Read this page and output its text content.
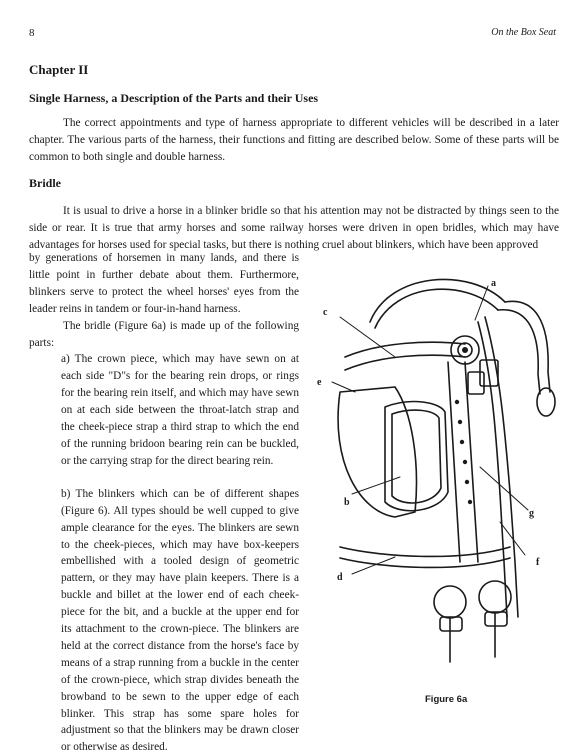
8	On the Box Seat
Chapter II
Single Harness, a Description of the Parts and their Uses

The correct appointments and type of harness appropriate to different vehicles will be described in a later chapter. The various parts of the harness, their functions and fitting are described below. Some of these parts will be common to both single and double harness.

Bridle

It is usual to drive a horse in a blinker bridle so that his attention may not be distracted by things seen to the side or rear. It is true that army horses and some railway horses were driven in open bridles, which may have advantages for horses used for special tasks, but there is nothing cruel about blinkers, which have been approved

by generations of horsemen in many lands, and there is little point in further debate about them. Furthermore, blinkers serve to protect the wheel horses' eyes from the leader reins in tandem or four-in-hand harness.

The bridle (Figure 6a) is made up of the following parts:

a) The crown piece, which may have sewn on at each side "D"s for the bearing rein drops, or rings for the bearing rein itself, and which may have sewn on at each side between the throat-latch strap and the cheek-piece strap a third strap to which the end of the running bridoon bearing rein can be buckled, or the carrying strap for the direct bearing rein.

b) The blinkers which can be of different shapes (Figure 6). All types should be well cupped to give ample clearance for the eyes. The blinkers are sewn to the cheek-pieces, which may have box-keepers embellished with a tooled design of geometric pattern, or they may have plain keepers. There is a buckle and billet at the lower end of each cheek-piece for the bit, and a buckle at the upper end for its attachment to the crown-piece. The blinkers are held at the correct distance from the horse's face by means of a strap running from a buckle in the center of the crown-piece, which strap divides beneath the browband to be sewn to the upper edge of each blinker. This strap has some spare holes for adjustment so that the blinkers may be drawn closer or otherwise as desired.

a
b
c
d
e
f
g
Figure 6a
